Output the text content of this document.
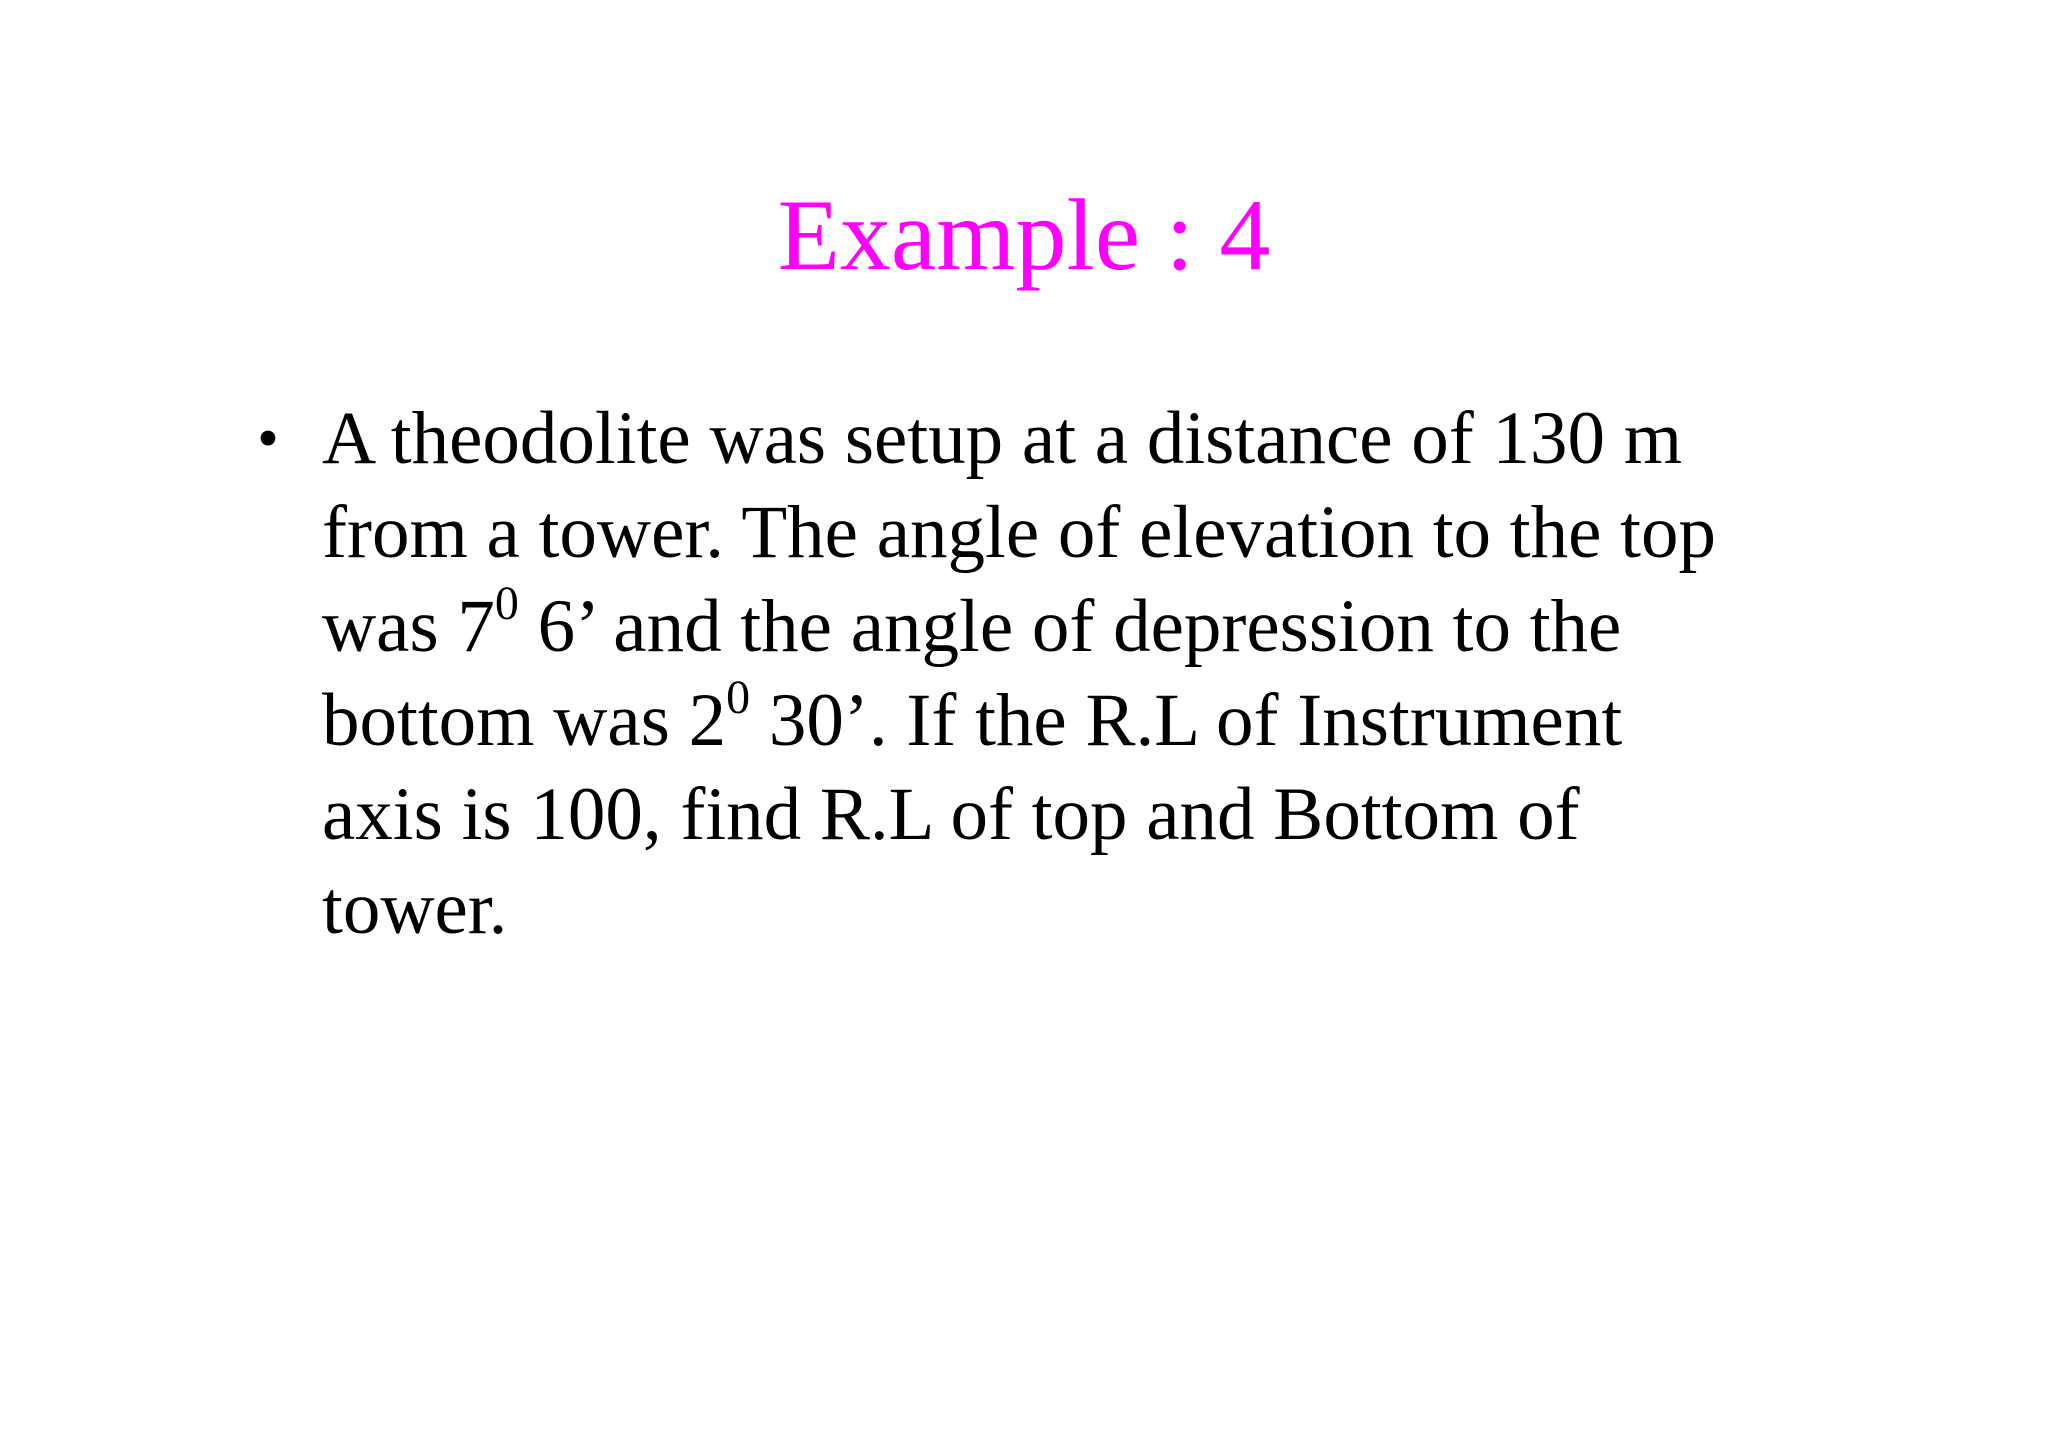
Example : 4
• A theodolite was setup at a distance of 130 m
from a tower. The angle of elevation to the top
was $7^0$ 6’ and the angle of depression to the
bottom was $2^0$ 30’. If the R.L of Instrument
axis is 100, find R.L of top and Bottom of
tower.
